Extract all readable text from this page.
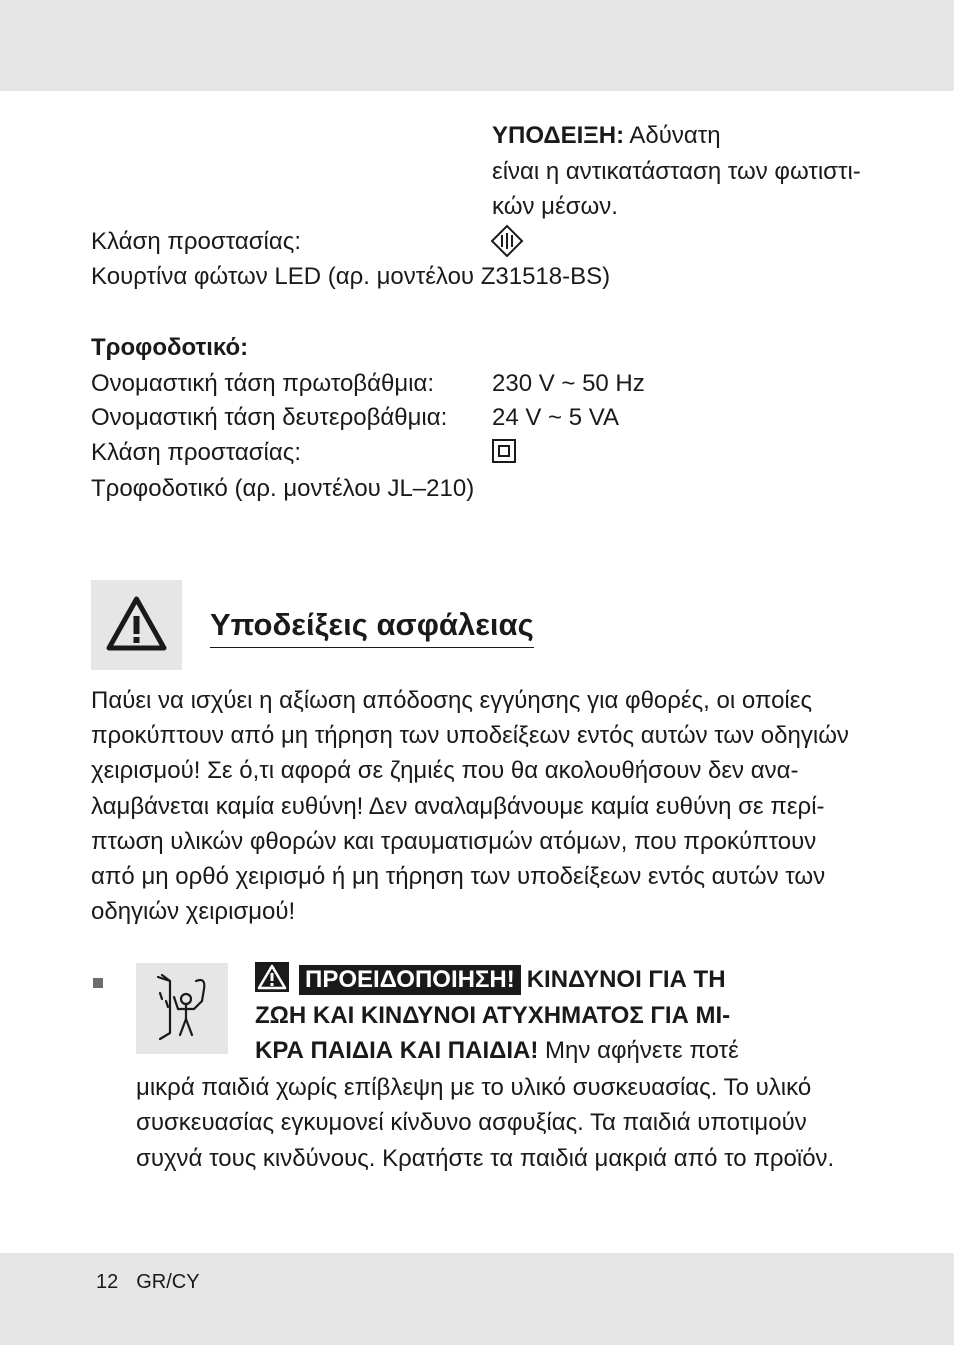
ΥΠΟΔΕΙΞΗ: Αδύνατη
είναι η αντικατάσταση των φωτιστι-
κών μέσων.
Κλάση προστασίας:
Κουρτίνα φώτων LED (αρ. μοντέλου Z31518-BS)
Τροφοδοτικό:
Ονομαστική τάση πρωτοβάθμια: 230 V ~ 50 Hz
Ονομαστική τάση δευτεροβάθμια: 24 V ~ 5 VA
Κλάση προστασίας:
Τροφοδοτικό (αρ. μοντέλου JL–210)
Υποδείξεις ασφάλειας
Παύει να ισχύει η αξίωση απόδοσης εγγύησης για φθορές, οι οποίες
προκύπτουν από μη τήρηση των υποδείξεων εντός αυτών των οδηγιών
χειρισμού! Σε ό,τι αφορά σε ζημιές που θα ακολουθήσουν δεν ανα-
λαμβάνεται καμία ευθύνη! Δεν αναλαμβάνουμε καμία ευθύνη σε περί-
πτωση υλικών φθορών και τραυματισμών ατόμων, που προκύπτουν
από μη ορθό χειρισμό ή μη τήρηση των υποδείξεων εντός αυτών των
οδηγιών χειρισμού!
ΠΡΟΕΙΔΟΠΟΙΗΣΗ! ΚΙΝΔΥΝΟΙ ΓΙΑ ΤΗ
ΖΩΗ ΚΑΙ ΚΙΝΔΥΝΟΙ ΑΤΥΧΗΜΑΤΟΣ ΓΙΑ ΜΙ-
ΚΡΑ ΠΑΙΔΙΑ ΚΑΙ ΠΑΙΔΙΑ! Μην αφήνετε ποτέ
μικρά παιδιά χωρίς επίβλεψη με το υλικό συσκευασίας. Το υλικό
συσκευασίας εγκυμονεί κίνδυνο ασφυξίας. Τα παιδιά υποτιμούν
συχνά τους κινδύνους. Κρατήστε τα παιδιά μακριά από το προϊόν.
12 GR/CY
